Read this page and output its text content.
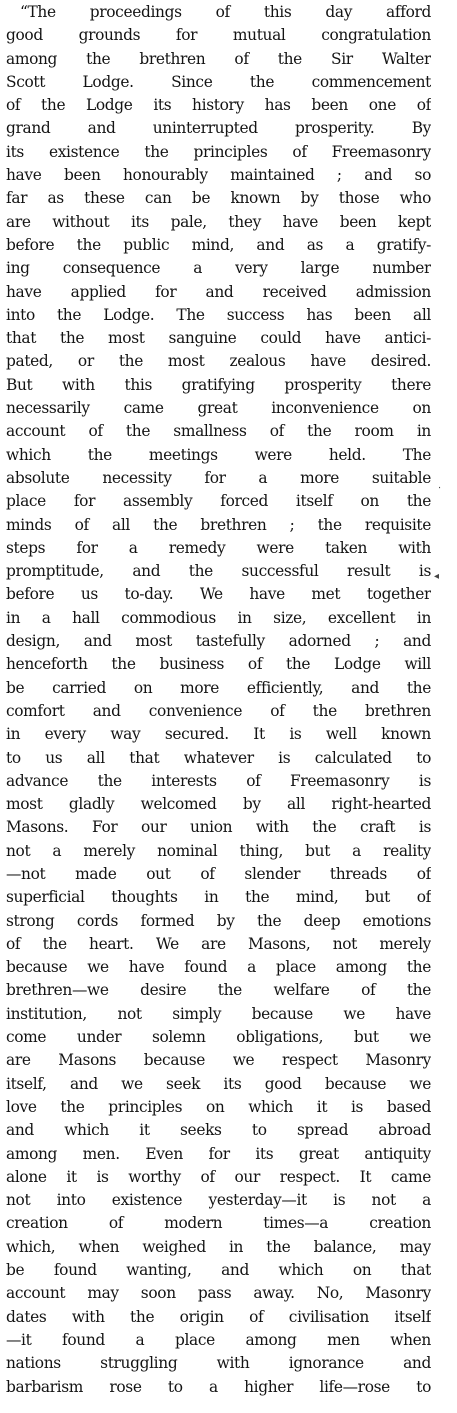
“The proceedings of this day afford
good grounds for mutual congratulation
among the brethren of the Sir Walter
Scott Lodge. Since the commencement
of the Lodge its history has been one of
grand and uninterrupted prosperity. By
its existence the principles of Freemasonry
have been honourably maintained ; and so
far as these can be known by those who
are without its pale, they have been kept
before the public mind, and as a gratify-
ing consequence a very large number
have applied for and received admission
into the Lodge. The success has been all
that the most sanguine could have antici-
pated, or the most zealous have desired.
But with this gratifying prosperity there
necessarily came great inconvenience on
account of the smallness of the room in
which the meetings were held. The
absolute necessity for a more suitable
place for assembly forced itself on the
minds of all the brethren ; the requisite
steps for a remedy were taken with
promptitude, and the successful result is
before us to-day. We have met together
in a hall commodious in size, excellent in
design, and most tastefully adorned ; and
henceforth the business of the Lodge will
be carried on more efficiently, and the
comfort and convenience of the brethren
in every way secured. It is well known
to us all that whatever is calculated to
advance the interests of Freemasonry is
most gladly welcomed by all right-hearted
Masons. For our union with the craft is
not a merely nominal thing, but a reality
—not made out of slender threads of
superficial thoughts in the mind, but of
strong cords formed by the deep emotions
of the heart. We are Masons, not merely
because we have found a place among the
brethren—we desire the welfare of the
institution, not simply because we have
come under solemn obligations, but we
are Masons because we respect Masonry
itself, and we seek its good because we
love the principles on which it is based
and which it seeks to spread abroad
among men. Even for its great antiquity
alone it is worthy of our respect. It came
not into existence yesterday—it is not a
creation of modern times—a creation
which, when weighed in the balance, may
be found wanting, and which on that
account may soon pass away. No, Masonry
dates with the origin of civilisation itself
—it found a place among men when
nations struggling with ignorance and
barbarism rose to a higher life—rose to
⋅
◂
